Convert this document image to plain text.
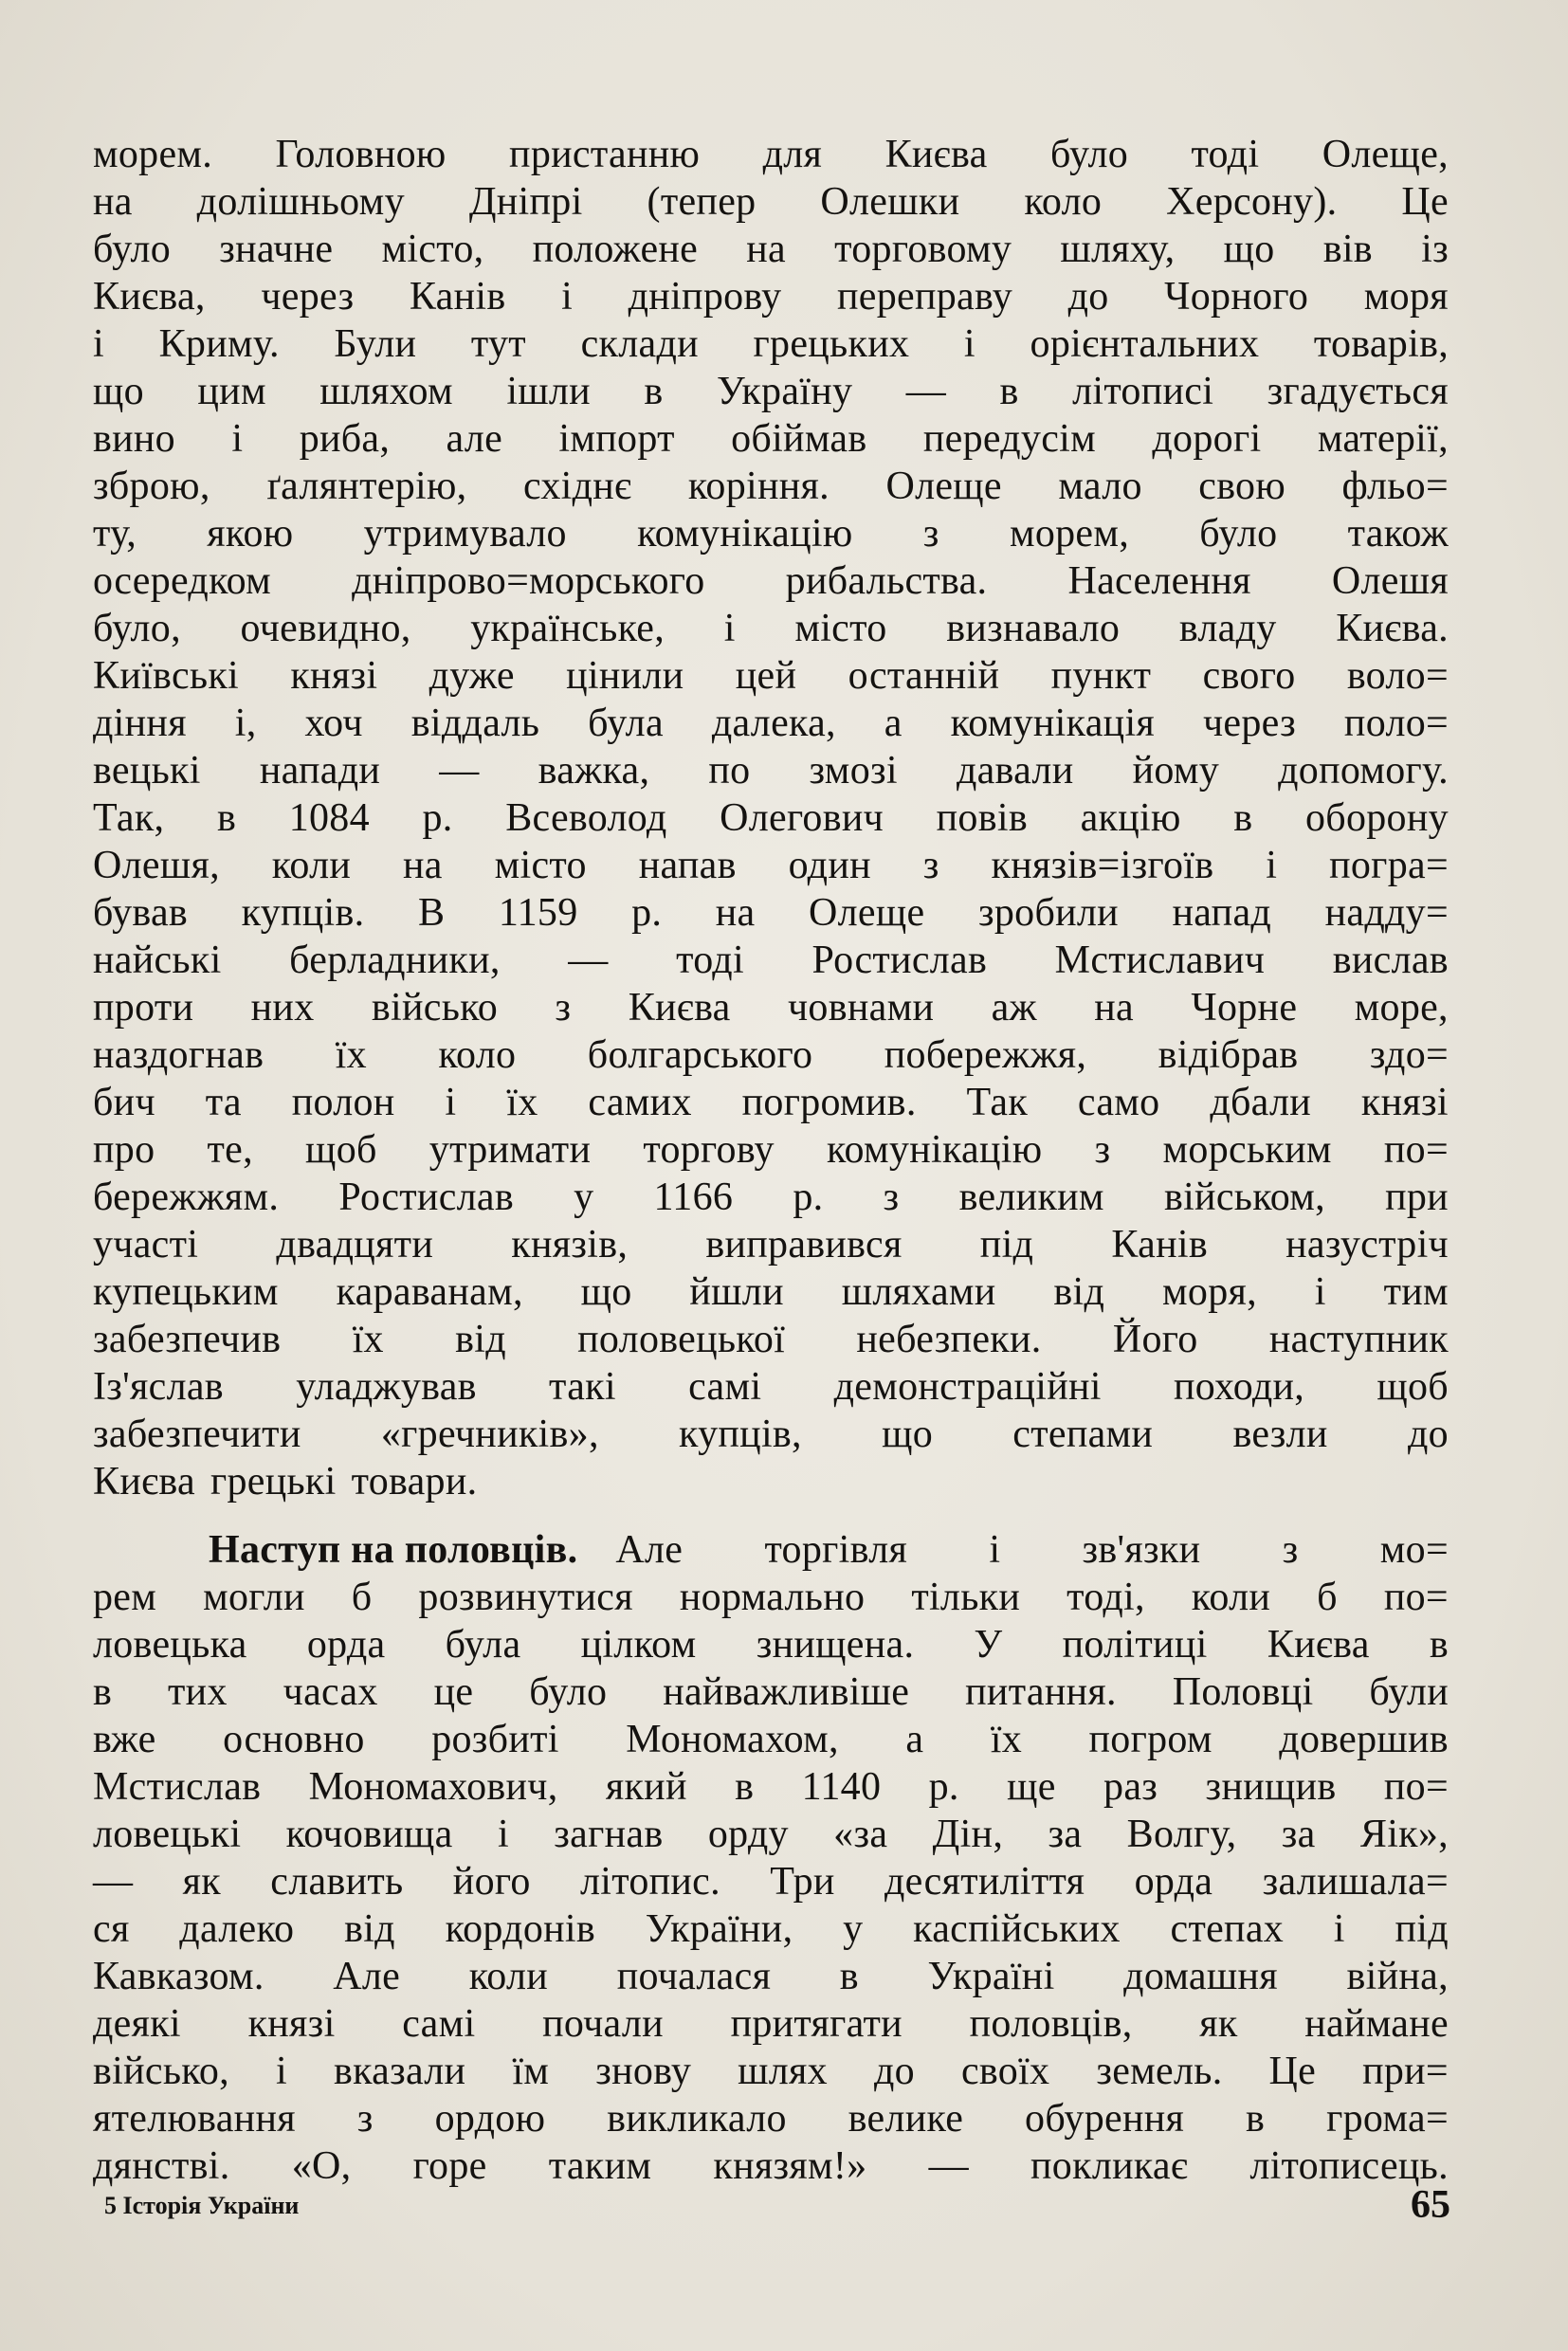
морем. Головною пристанню для Києва було тоді Олеще,
на долішньому Дніпрі (тепер Олешки коло Херсону). Це
було значне місто, положене на торговому шляху, що вів із
Києва, через Канів і дніпрову переправу до Чорного моря
і Криму. Були тут склади грецьких і орієнтальних товарів,
що цим шляхом ішли в Україну — в літописі згадується
вино і риба, але імпорт обіймав передусім дорогі матерії,
зброю, ґалянтерію, східнє коріння. Олеще мало свою фльо=
ту, якою утримувало комунікацію з морем, було також
осередком дніпрово=морського рибальства. Населення Олешя
було, очевидно, українське, і місто визнавало владу Києва.
Київські князі дуже цінили цей останній пункт свого воло=
діння і, хоч віддаль була далека, а комунікація через поло=
вецькі напади — важка, по змозі давали йому допомогу.
Так, в 1084 р. Всеволод Олегович повів акцію в оборону
Олешя, коли на місто напав один з князів=ізгоїв і погра=
бував купців. В 1159 р. на Олеще зробили напад надду=
найські берладники, — тоді Ростислав Мстиславич вислав
проти них військо з Києва човнами аж на Чорне море,
наздогнав їх коло болгарського побережжя, відібрав здо=
бич та полон і їх самих погромив. Так само дбали князі
про те, щоб утримати торгову комунікацію з морським по=
бережжям. Ростислав у 1166 р. з великим військом, при
участі двадцяти князів, виправився під Канів назустріч
купецьким караванам, що йшли шляхами від моря, і тим
забезпечив їх від половецької небезпеки. Його наступник
Із'яслав уладжував такі самі демонстраційні походи, щоб
забезпечити «гречників», купців, що степами везли до
Києва грецькі товари.
Наступ на половців. Але торгівля і зв'язки з мо=
рем могли б розвинутися нормально тільки тоді, коли б по=
ловецька орда була цілком знищена. У політиці Києва в
в тих часах це було найважливіше питання. Половці були
вже основно розбиті Мономахом, а їх погром довершив
Мстислав Мономахович, який в 1140 р. ще раз знищив по=
ловецькі кочовища і загнав орду «за Дін, за Волгу, за Яік»,
— як славить його літопис. Три десятиліття орда залишала=
ся далеко від кордонів України, у каспійських степах і під
Кавказом. Але коли почалася в Україні домашня війна,
деякі князі самі почали притягати половців, як наймане
військо, і вказали їм знову шлях до своїх земель. Це при=
ятелювання з ордою викликало велике обурення в грома=
дянстві. «О, горе таким князям!» — покликає літописець.
5 Історія України	65
